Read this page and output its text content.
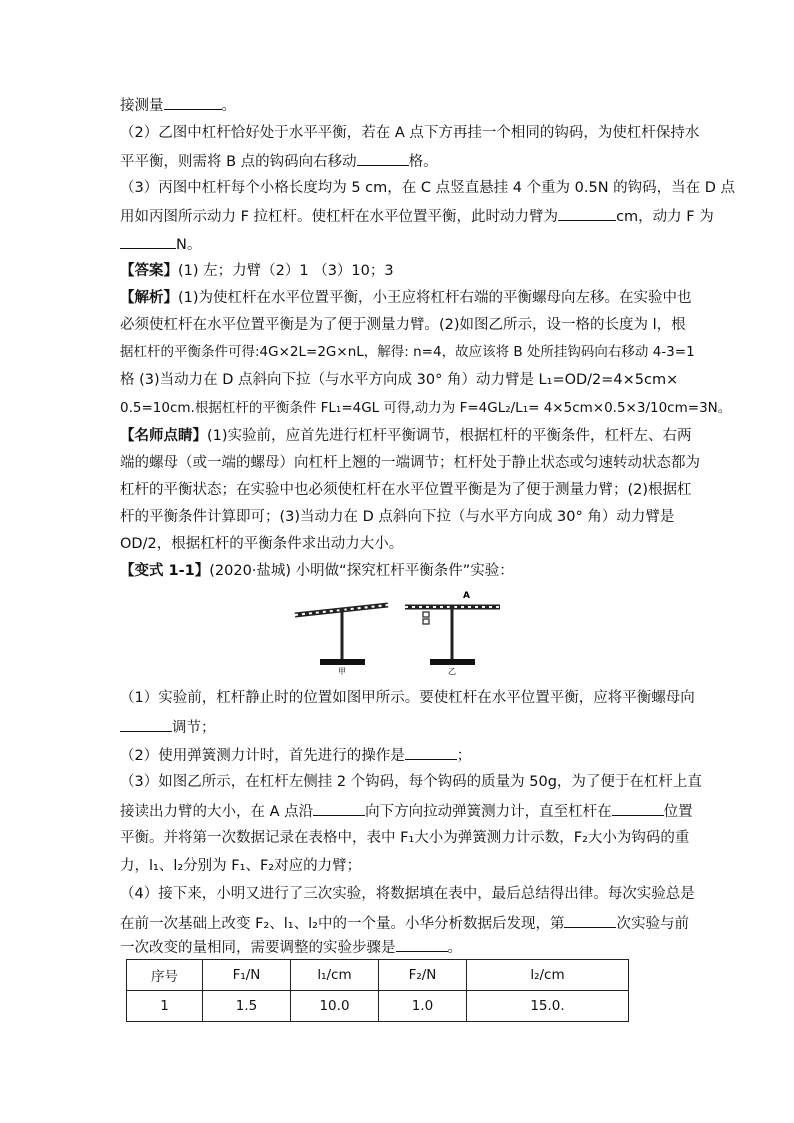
接测量	。
（2）乙图中杠杆恰好处于水平平衡，若在 A 点下方再挂一个相同的钩码，为使杠杆保持水
平平衡，则需将 B 点的钩码向右移动	格。
（3）丙图中杠杆每个小格长度均为 5 cm，在 C 点竖直悬挂 4 个重为 0.5N 的钩码，当在 D 点
用如丙图所示动力 F 拉杠杆。使杠杆在水平位置平衡，此时动力臂为	cm，动力 F 为
N。
【答案】(1) 左；力臂（2）1 （3）10；3
【解析】(1)为使杠杆在水平位置平衡，小王应将杠杆右端的平衡螺母向左移。在实验中也
必须使杠杆在水平位置平衡是为了便于测量力臂。(2)如图乙所示，设一格的长度为 l，根
据杠杆的平衡条件可得:4G×2L=2G×nL，解得: n=4，故应该将 B 处所挂钩码向右移动 4-3=1
格 (3)当动力在 D 点斜向下拉（与水平方向成 30° 角）动力臂是 L₁=OD/2=4×5cm×
0.5=10cm.根据杠杆的平衡条件 FL₁=4GL 可得,动力为 F=4GL₂/L₁= 4×5cm×0.5×3/10cm=3N。
【名师点睛】(1)实验前，应首先进行杠杆平衡调节，根据杠杆的平衡条件，杠杆左、右两
端的螺母（或一端的螺母）向杠杆上翘的一端调节；杠杆处于静止状态或匀速转动状态都为
杠杆的平衡状态；在实验中也必须使杠杆在水平位置平衡是为了便于测量力臂；(2)根据杠
杆的平衡条件计算即可；(3)当动力在 D 点斜向下拉（与水平方向成 30° 角）动力臂是
OD/2，根据杠杆的平衡条件求出动力大小。
【变式 1-1】(2020·盐城) 小明做“探究杠杆平衡条件”实验：
甲
A
乙
（1）实验前，杠杆静止时的位置如图甲所示。要使杠杆在水平位置平衡，应将平衡螺母向
调节；
（2）使用弹簧测力计时，首先进行的操作是	；
（3）如图乙所示，在杠杆左侧挂 2 个钩码，每个钩码的质量为 50g，为了便于在杠杆上直
接读出力臂的大小，在 A 点沿	向下方向拉动弹簧测力计，直至杠杆在	位置
平衡。并将第一次数据记录在表格中，表中 F₁大小为弹簧测力计示数，F₂大小为钩码的重
力，l₁、l₂分别为 F₁、F₂对应的力臂；
（4）接下来，小明又进行了三次实验，将数据填在表中，最后总结得出律。每次实验总是
在前一次基础上改变 F₂、l₁、l₂中的一个量。小华分析数据后发现，第	次实验与前
一次改变的量相同，需要调整的实验步骤是	。
序号	F₁/N	l₁/cm	F₂/N	l₂/cm
1	1.5	10.0	1.0	15.0.
